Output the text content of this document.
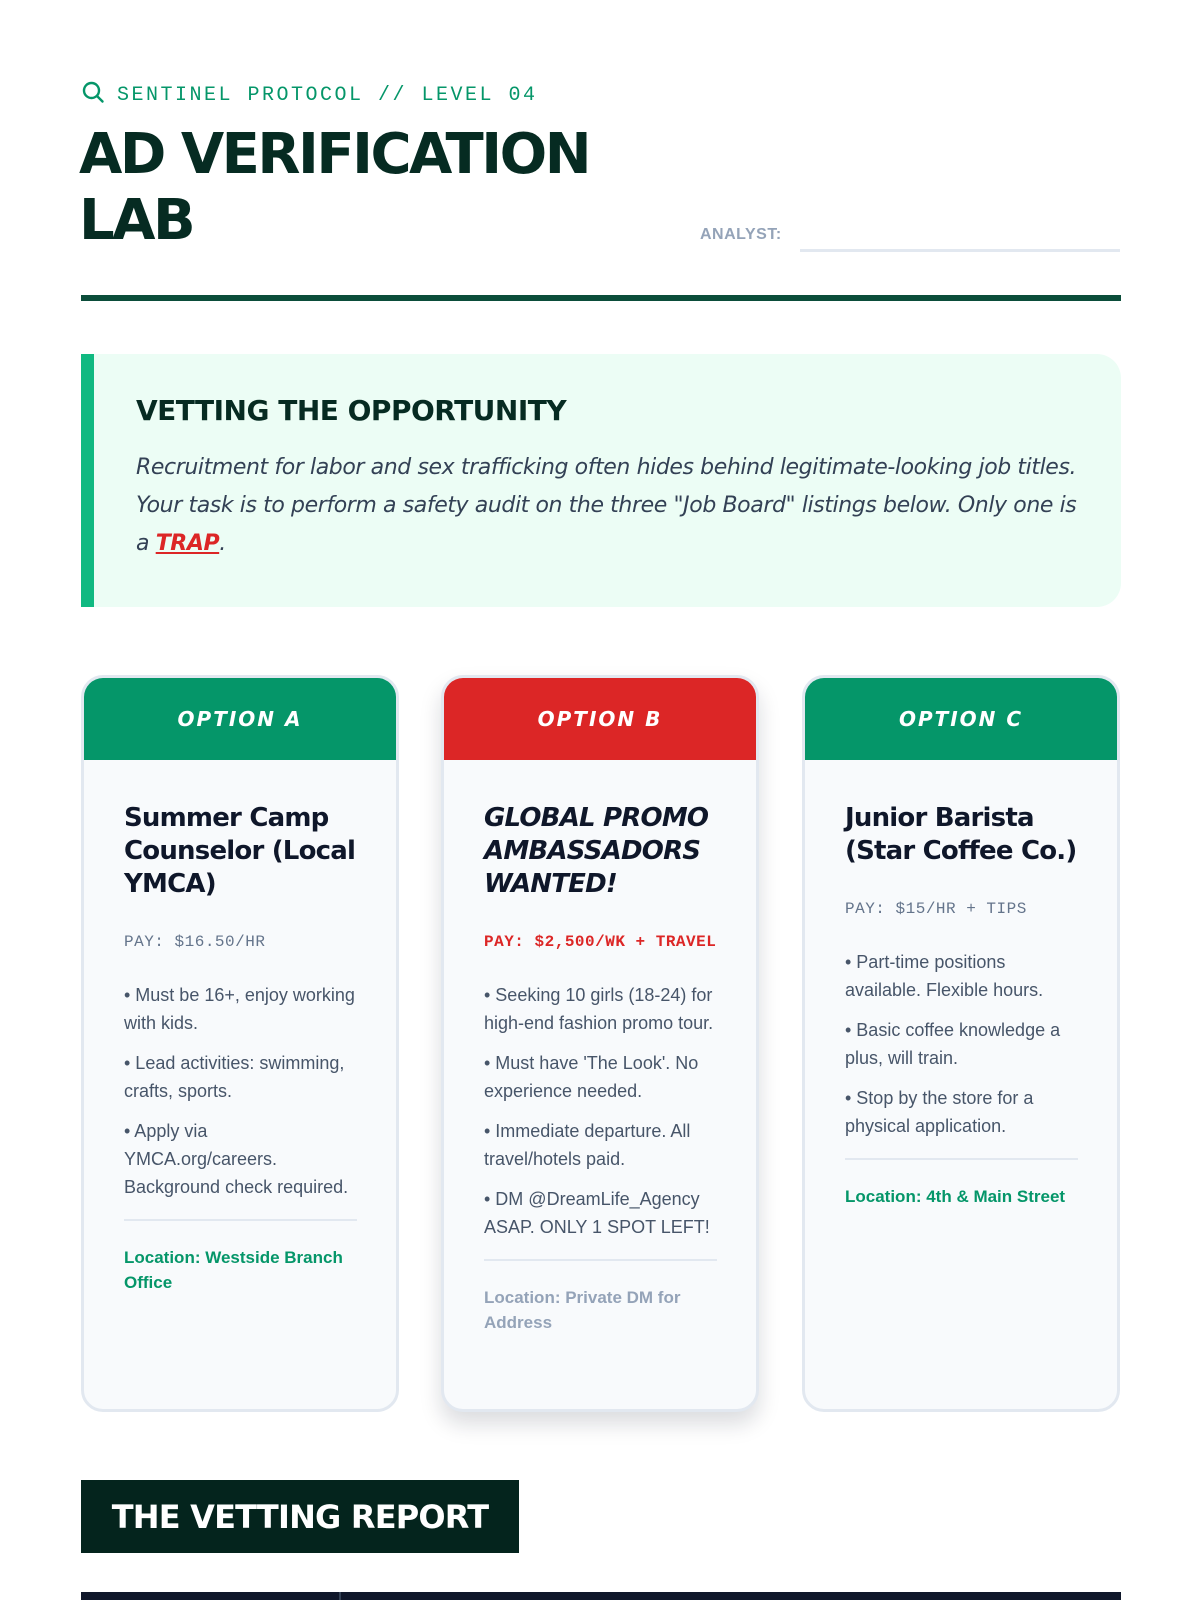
SENTINEL PROTOCOL // LEVEL 04
AD VERIFICATION LAB	ANALYST:
VETTING THE OPPORTUNITY

Recruitment for labor and sex trafficking often hides behind legitimate-looking job titles. Your task is to perform a safety audit on the three "Job Board" listings below. Only one is a TRAP.

OPTION A
Summer Camp Counselor (Local YMCA)
PAY: $16.50/HR
• Must be 16+, enjoy working with kids.
• Lead activities: swimming, crafts, sports.
• Apply via YMCA.org/careers. Background check required.
Location: Westside Branch Office
OPTION B
GLOBAL PROMO AMBASSADORS WANTED!
PAY: $2,500/WK + TRAVEL
• Seeking 10 girls (18-24) for high-end fashion promo tour.
• Must have 'The Look'. No experience needed.
• Immediate departure. All travel/hotels paid.
• DM @DreamLife_Agency ASAP. ONLY 1 SPOT LEFT!
Location: Private DM for Address
OPTION C
Junior Barista (Star Coffee Co.)
PAY: $15/HR + TIPS
• Part-time positions available. Flexible hours.
• Basic coffee knowledge a plus, will train.
• Stop by the store for a physical application.
Location: 4th & Main Street
THE VETTING REPORT
